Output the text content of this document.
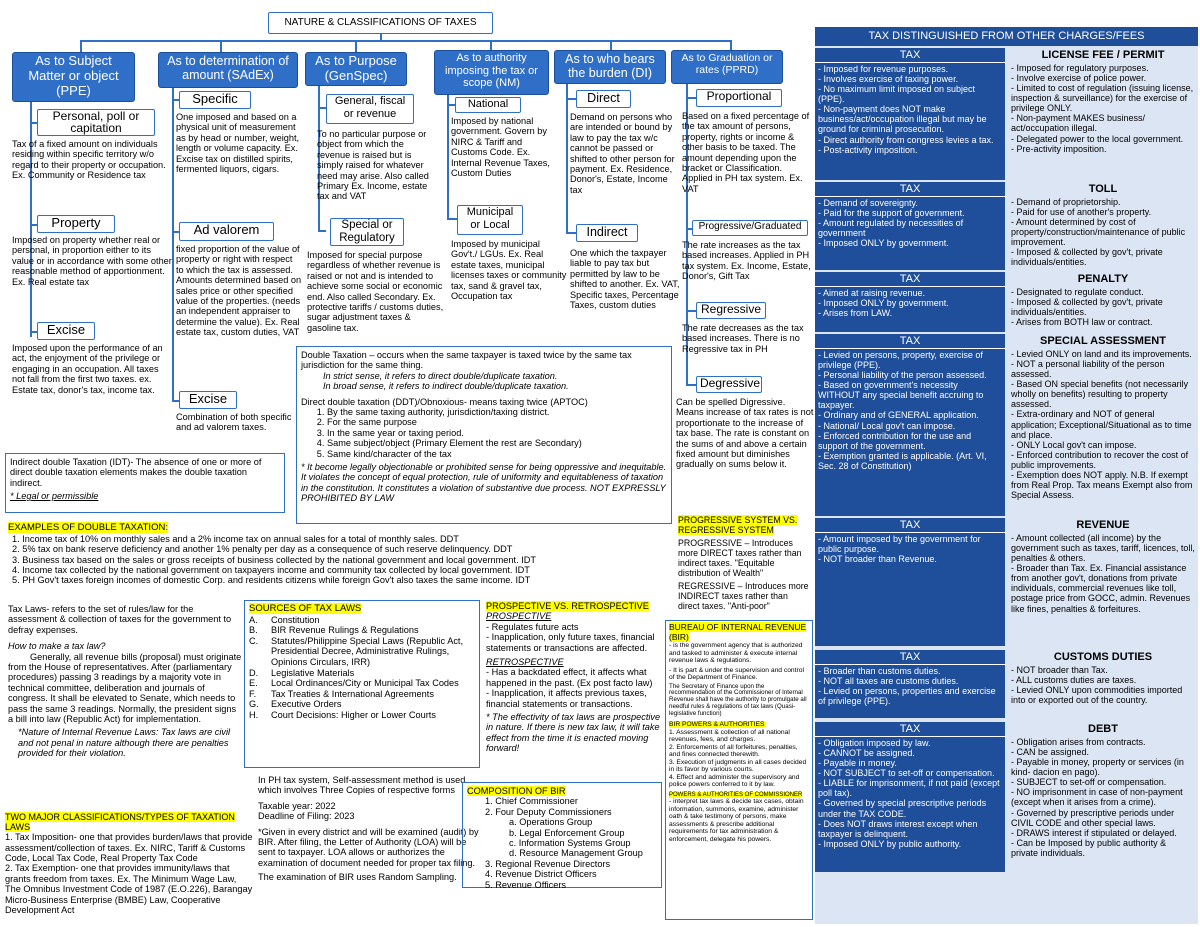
NATURE & CLASSIFICATIONS OF TAXES
As to Subject Matter or object (PPE)
As to determination of amount (SAdEx)
As to Purpose (GenSpec)
As to authority imposing the tax or scope (NM)
As to who bears the burden (DI)
As to Graduation or rates (PPRD)
Personal, poll or capitation
Tax of a fixed amount on individuals residing within specific territory w/o regard to their property or occupation. Ex. Community or Residence tax
Property
Imposed on property whether real or personal, in proportion either to its value or in accordance with some other reasonable method of apportionment. Ex. Real estate tax
Excise
Imposed upon the performance of an act, the enjoyment of the privilege or engaging in an occupation. All taxes not fall from the first two taxes. ex. Estate tax, donor's tax, income tax.
Specific
One imposed and based on a physical unit of measurement as by head or number, weight, length or volume capacity. Ex. Excise tax on distilled spirits, fermented liquors, cigars.
Ad valorem
fixed proportion of the value of property or right with respect to which the tax is assessed. Amounts determined based on sales price or other specified value of the properties. (needs an independent appraiser to determine the value). Ex. Real estate tax, custom duties, VAT
Excise
Combination of both specific and ad valorem taxes.
General, fiscal or revenue
To no particular purpose or object from which the revenue is raised but is simply raised for whatever need may arise. Also called Primary Ex. Income, estate tax and VAT
Special or Regulatory
Imposed for special purpose regardless of whether revenue is raised or not and is intended to achieve some social or economic end. Also called Secondary. Ex. protective tariffs / customs duties, sugar adjustment taxes & gasoline tax.
National
Imposed by national government. Govern by NIRC & Tariff and Customs Code. Ex. Internal Revenue Taxes, Custom Duties
Municipal or Local
Imposed by municipal Gov't./ LGUs. Ex. Real estate taxes, municipal licenses taxes or community tax, sand & gravel tax, Occupation tax
Direct
Demand on persons who are intended or bound by law to pay the tax w/c cannot be passed or shifted to other person for payment. Ex. Residence, Donor's, Estate, Income tax
Indirect
One which the taxpayer liable to pay tax but permitted by law to be shifted to another. Ex. VAT, Specific taxes, Percentage Taxes, custom duties
Proportional
Based on a fixed percentage of the tax amount of persons, property, rights or income & other basis to be taxed. The amount depending upon the bracket or Classification. Applied in PH tax system. Ex. VAT
Progressive/Graduated
The rate increases as the tax based increases. Applied in PH tax system. Ex. Income, Estate, Donor's, Gift Tax
Regressive
The rate decreases as the tax based increases. There is no Regressive tax in PH
Degressive
Can be spelled Digressive. Means increase of tax rates is not proportionate to the increase of tax base. The rate is constant on the sums of and above a certain fixed amount but diminishes gradually on sums below it.
Double Taxation – occurs when the same taxpayer is taxed twice by the same tax jurisdiction for the same thing.
In strict sense, it refers to direct double/duplicate taxation.
In broad sense, it refers to indirect double/duplicate taxation.
Direct double taxation (DDT)/Obnoxious- means taxing twice (APTOC)
1. By the same taxing authority, jurisdiction/taxing district.
2. For the same purpose
3. In the same year or taxing period.
4. Same subject/object (Primary Element the rest are Secondary)
5. Same kind/character of the tax
* It become legally objectionable or prohibited sense for being oppressive and inequitable. It violates the concept of equal protection, rule of uniformity and equitableness of taxation in the constitution. It constitutes a violation of substantive due process. NOT EXPRESSLY PROHIBITED BY LAW
Indirect double Taxation (IDT)- The absence of one or more of direct double taxation elements makes the double taxation indirect.
* Legal or permissible
EXAMPLES OF DOUBLE TAXATION:
1. Income tax of 10% on monthly sales and a 2% income tax on annual sales for a total of monthly sales. DDT
2. 5% tax on bank reserve deficiency and another 1% penalty per day as a consequence of such reserve delinquency. DDT
3. Business tax based on the sales or gross receipts of business collected by the national government and local government. IDT
4. Income tax collected by the national government on taxpayers income and community tax collected by local government. IDT
5. PH Gov't taxes foreign incomes of domestic Corp. and residents citizens while foreign Gov't also taxes the same income. IDT
Tax Laws- refers to the set of rules/law for the assessment & collection of taxes for the government to defray expenses.
How to make a tax law?
Generally, all revenue bills (proposal) must originate from the House of representatives. After (parliamentary procedures) passing 3 readings by a majority vote in technical committee, deliberation and journals of congress. It shall be elevated to Senate, which needs to pass the same 3 readings. Normally, the president signs a bill into law (Republic Act) for implementation.
*Nature of Internal Revenue Laws: Tax laws are civil and not penal in nature although there are penalties provided for their violation.
TWO MAJOR CLASSIFICATIONS/TYPES OF TAXATION LAWS
1. Tax Imposition- one that provides burden/laws that provide assessment/collection of taxes. Ex. NIRC, Tariff & Customs Code, Local Tax Code, Real Property Tax Code
2. Tax Exemption- one that provides immunity/laws that grants freedom from taxes. Ex. The Minimum Wage Law, The Omnibus Investment Code of 1987 (E.O.226), Barangay Micro-Business Enterprise (BMBE) Law, Cooperative Development Act
SOURCES OF TAX LAWS
A.	Constitution
B.	BIR Revenue Rulings & Regulations
C.	Statutes/Philippine Special Laws (Republic Act, Presidential Decree, Administrative Rulings, Opinions Circulars, IRR)
D.	Legislative Materials
E.	Local Ordinances/City or Municipal Tax Codes
F.	Tax Treaties & International Agreements
G.	Executive Orders
H.	Court Decisions: Higher or Lower Courts
In PH tax system, Self-assessment method is used which involves Three Copies of respective forms
Taxable year: 2022
Deadline of Filing: 2023
*Given in every district and will be examined (audit) by BIR. After filing, the Letter of Authority (LOA) will be sent to taxpayer. LOA allows or authorizes the examination of document needed for proper tax filing.
The examination of BIR uses Random Sampling.
PROSPECTIVE VS. RETROSPECTIVE
PROSPECTIVE
- Regulates future acts
- Inapplication, only future taxes, financial statements or transactions are affected.
RETROSPECTIVE
- Has a backdated effect, it affects what happened in the past. (Ex post facto law)
- Inapplication, it affects previous taxes, financial statements or transactions.
* The effectivity of tax laws are prospective in nature. If there is new tax law, it will take effect from the time it is enacted moving forward!
COMPOSITION OF BIR
1. Chief Commissioner
2. Four Deputy Commissioners
a. Operations Group
b. Legal Enforcement Group
c. Information Systems Group
d. Resource Management Group
3. Regional Revenue Directors
4. Revenue District Officers
5. Revenue Officers
PROGRESSIVE SYSTEM VS. REGRESSIVE SYSTEM
PROGRESSIVE – Introduces more DIRECT taxes rather than indirect taxes. "Equitable distribution of Wealth"
REGRESSIVE – Introduces more INDIRECT taxes rather than direct taxes. "Anti-poor"
BUREAU OF INTERNAL REVENUE (BIR)
- is the government agency that is authorized and tasked to administer & execute internal revenue laws & regulations.
- It is part & under the supervision and control of the Department of Finance.
The Secretary of Finance upon the recommendation of the Commissioner of Internal Revenue shall have the authority to promulgate all needful rules & regulations of tax laws (Quasi-legislative function)
BIR POWERS & AUTHORITIES
1. Assessment & collection of all national revenues, fees, and charges.
2. Enforcements of all forfeitures, penalties, and fines connected therewith.
3. Execution of judgments in all cases decided in its favor by various courts.
4. Effect and administer the supervisory and police powers conferred to it by law.
POWERS & AUTHORITIES OF COMMISSIONER
- interpret tax laws & decide tax cases, obtain information, summons, examine, administer oath & take testimony of persons, make assessments & prescribe additional requirements for tax administration & enforcement, delegate his powers.
TAX DISTINGUISHED FROM OTHER CHARGES/FEES
TAX
- Imposed for revenue purposes.
- Involves exercise of taxing power.
- No maximum limit imposed on subject (PPE).
- Non-payment does NOT make business/act/occupation illegal but may be ground for criminal prosecution.
- Direct authority from congress levies a tax.
- Post-activity imposition.
LICENSE FEE / PERMIT
- Imposed for regulatory purposes.
- Involve exercise of police power.
- Limited to cost of regulation (issuing license, inspection & surveillance) for the exercise of privilege ONLY.
- Non-payment MAKES business/ act/occupation illegal.
- Delegated power to the local government.
- Pre-activity imposition.
TAX
- Demand of sovereignty.
- Paid for the support of government.
- Amount regulated by necessities of government
- Imposed ONLY by government.
TOLL
- Demand of proprietorship.
- Paid for use of another's property.
- Amount determined by cost of property/construction/maintenance of public improvement.
- Imposed & collected by gov't, private individuals/entities.
TAX
- Aimed at raising revenue.
- Imposed ONLY by government.
- Arises from LAW.
PENALTY
- Designated to regulate conduct.
- Imposed & collected by gov't, private individuals/entities.
- Arises from BOTH law or contract.
TAX
- Levied on persons, property, exercise of privilege (PPE).
- Personal liability of the person assessed.
- Based on government's necessity WITHOUT any special benefit accruing to taxpayer.
- Ordinary and of GENERAL application.
- National/ Local gov't can impose.
- Enforced contribution for the use and support of the government.
- Exemption granted is applicable. (Art. VI, Sec. 28 of Constitution)
SPECIAL ASSESSMENT
- Levied ONLY on land and its improvements.
- NOT a personal liability of the person assessed.
- Based ON special benefits (not necessarily wholly on benefits) resulting to property assessed.
- Extra-ordinary and NOT of general application; Exceptional/Situational as to time and place.
- ONLY Local gov't can impose.
- Enforced contribution to recover the cost of public improvements.
- Exemption does NOT apply. N.B. If exempt from Real Prop. Tax means Exempt also from Special Assess.
TAX
- Amount imposed by the government for public purpose.
- NOT broader than Revenue.
REVENUE
- Amount collected (all income) by the government such as taxes, tariff, licences, toll, penalties & others.
- Broader than Tax. Ex. Financial assistance from another gov't, donations from private individuals, commercial revenues like toll, postage price from GOCC, admin. Revenues like fines, penalties & forfeitures.
TAX
- Broader than customs duties.
- NOT all taxes are customs duties.
- Levied on persons, properties and exercise of privilege (PPE).
CUSTOMS DUTIES
- NOT broader than Tax.
- ALL customs duties are taxes.
- Levied ONLY upon commodities imported into or exported out of the country.
TAX
- Obligation imposed by law.
- CANNOT be assigned.
- Payable in money.
- NOT SUBJECT to set-off or compensation.
- LIABLE for imprisonment, if not paid (except poll tax).
- Governed by special prescriptive periods under the TAX CODE.
- Does NOT draws interest except when taxpayer is delinquent.
- Imposed ONLY by public authority.
DEBT
- Obligation arises from contracts.
- CAN be assigned.
- Payable in money, property or services (in kind- dacion en pago).
- SUBJECT to set-off or compensation.
- NO imprisonment in case of non-payment (except when it arises from a crime).
- Governed by prescriptive periods under CIVIL CODE and other special laws.
- DRAWS interest if stipulated or delayed.
- Can be Imposed by public authority & private individuals.
